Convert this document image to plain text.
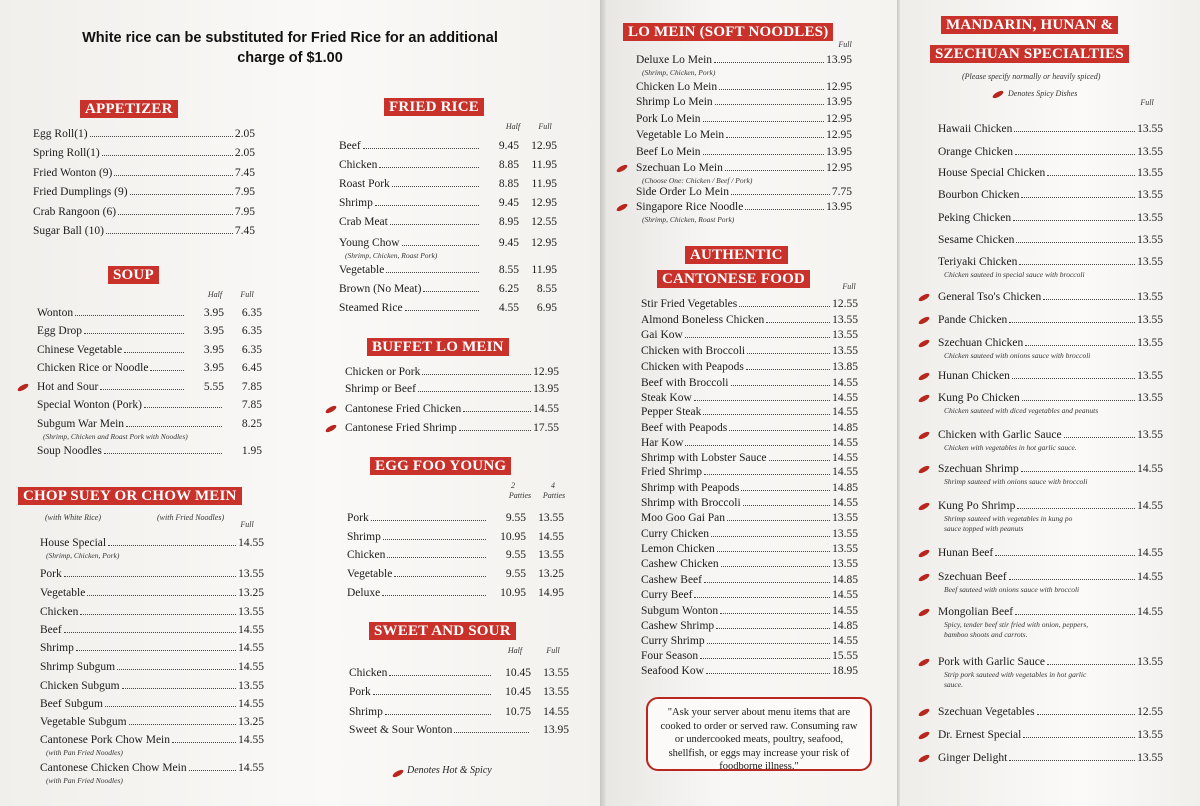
White rice can be substituted for Fried Rice for an additional
charge of $1.00
APPETIZER
SOUP
CHOP SUEY OR CHOW MEIN
FRIED RICE
BUFFET LO MEIN
EGG FOO YOUNG
SWEET AND SOUR
LO MEIN (SOFT NOODLES)
AUTHENTIC
CANTONESE FOOD
MANDARIN, HUNAN &
SZECHUAN SPECIALTIES
(Please specify normally or heavily spiced)
Denotes Spicy Dishes
Half	Full
(with White Rice)	(with Fried Noodles)
Full
Half	Full
2	4
Patties	Patties
Half	Full
Full
Full
Full
Egg Roll(1)	2.05
Spring Roll(1)	2.05
Fried Wonton (9)	7.45
Fried Dumplings (9)	7.95
Crab Rangoon (6)	7.95
Sugar Ball (10)	7.45
Wonton	3.95	6.35
Egg Drop	3.95	6.35
Chinese Vegetable	3.95	6.35
Chicken Rice or Noodle	3.95	6.45
Hot and Sour	5.55	7.85
Special Wonton (Pork)	7.85
Subgum War Mein	8.25
(Shrimp, Chicken and Roast Pork with Noodles)
Soup Noodles	1.95
House Special	14.55
(Shrimp, Chicken, Pork)
Pork	13.55
Vegetable	13.25
Chicken	13.55
Beef	14.55
Shrimp	14.55
Shrimp Subgum	14.55
Chicken Subgum	13.55
Beef Subgum	14.55
Vegetable Subgum	13.25
Cantonese Pork Chow Mein	14.55
(with Pan Fried Noodles)
Cantonese Chicken Chow Mein	14.55
(with Pan Fried Noodles)
Beef	9.45	12.95
Chicken	8.85	11.95
Roast Pork	8.85	11.95
Shrimp	9.45	12.95
Crab Meat	8.95	12.55
Young Chow	9.45	12.95
(Shrimp, Chicken, Roast Pork)
Vegetable	8.55	11.95
Brown (No Meat)	6.25	8.55
Steamed Rice	4.55	6.95
Chicken or Pork	12.95
Shrimp or Beef	13.95
Cantonese Fried Chicken	14.55
Cantonese Fried Shrimp	17.55
Pork	9.55	13.55
Shrimp	10.95	14.55
Chicken	9.55	13.55
Vegetable	9.55	13.25
Deluxe	10.95	14.95
Chicken	10.45	13.55
Pork	10.45	13.55
Shrimp	10.75	14.55
Sweet & Sour Wonton	13.95
Deluxe Lo Mein	13.95
(Shrimp, Chicken, Pork)
Chicken Lo Mein	12.95
Shrimp Lo Mein	13.95
Pork Lo Mein	12.95
Vegetable Lo Mein	12.95
Beef Lo Mein	13.95
Szechuan Lo Mein	12.95
(Choose One: Chicken / Beef / Pork)
Side Order Lo Mein	7.75
Singapore Rice Noodle	13.95
(Shrimp, Chicken, Roast Pork)
Stir Fried Vegetables	12.55
Almond Boneless Chicken	13.55
Gai Kow	13.55
Chicken with Broccoli	13.55
Chicken with Peapods	13.85
Beef with Broccoli	14.55
Steak Kow	14.55
Pepper Steak	14.55
Beef with Peapods	14.85
Har Kow	14.55
Shrimp with Lobster Sauce	14.55
Fried Shrimp	14.55
Shrimp with Peapods	14.85
Shrimp with Broccoli	14.55
Moo Goo Gai Pan	13.55
Curry Chicken	13.55
Lemon Chicken	13.55
Cashew Chicken	13.55
Cashew Beef	14.85
Curry Beef	14.55
Subgum Wonton	14.55
Cashew Shrimp	14.85
Curry Shrimp	14.55
Four Season	15.55
Seafood Kow	18.95
Hawaii Chicken	13.55
Orange Chicken	13.55
House Special Chicken	13.55
Bourbon Chicken	13.55
Peking Chicken	13.55
Sesame Chicken	13.55
Teriyaki Chicken	13.55
Chicken sauteed in special sauce with broccoli
General Tso's Chicken	13.55
Pande Chicken	13.55
Szechuan Chicken	13.55
Chicken sauteed with onions sauce with broccoli
Hunan Chicken	13.55
Kung Po Chicken	13.55
Chicken sauteed with diced vegetables and peanuts
Chicken with Garlic Sauce	13.55
Chicken with vegetables in hot garlic sauce.
Szechuan Shrimp	14.55
Shrimp sauteed with onions sauce with broccoli
Kung Po Shrimp	14.55
Shrimp sauteed with vegetables in kung po
sauce topped with peanuts
Hunan Beef	14.55
Szechuan Beef	14.55
Beef sauteed with onions sauce with broccoli
Mongolian Beef	14.55
Spicy, tender beef stir fried with onion, peppers,
bamboo shoots and carrots.
Pork with Garlic Sauce	13.55
Strip pork sauteed with vegetables in hot garlic
sauce.
Szechuan Vegetables	12.55
Dr. Ernest Special	13.55
Ginger Delight	13.55
Denotes Hot & Spicy
"Ask your server about menu items that are cooked to order or served raw. Consuming raw or undercooked meats, poultry, seafood, shellfish, or eggs may increase your risk of foodborne illness."
